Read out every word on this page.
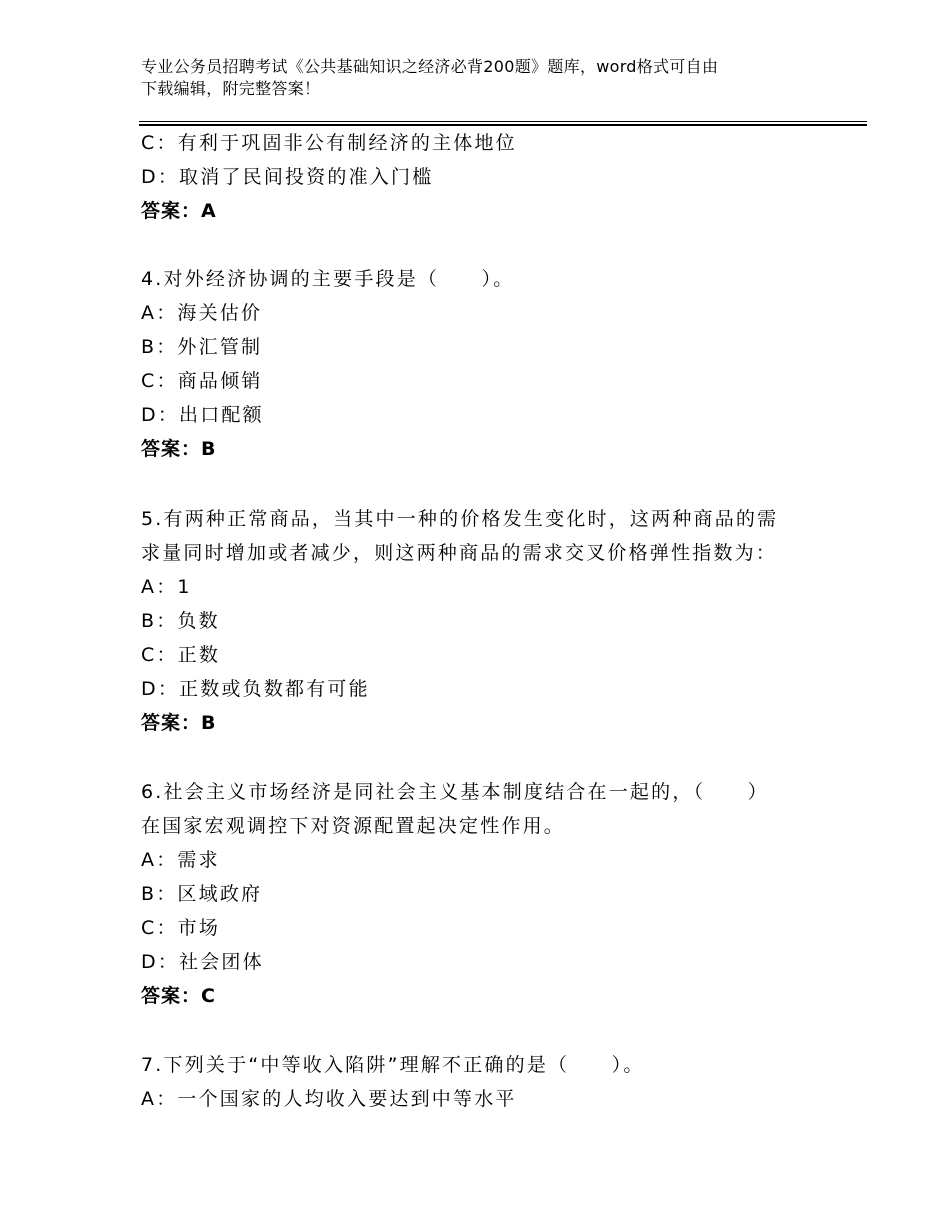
专业公务员招聘考试《公共基础知识之经济必背200题》题库，word格式可自由
下载编辑，附完整答案！
C：有利于巩固非公有制经济的主体地位
D：取消了民间投资的准入门槛
答案：A
4.对外经济协调的主要手段是（　　）。
A：海关估价
B：外汇管制
C：商品倾销
D：出口配额
答案：B
5.有两种正常商品，当其中一种的价格发生变化时，这两种商品的需
求量同时增加或者减少，则这两种商品的需求交叉价格弹性指数为：
A：1
B：负数
C：正数
D：正数或负数都有可能
答案：B
6.社会主义市场经济是同社会主义基本制度结合在一起的，（　　）
在国家宏观调控下对资源配置起决定性作用。
A：需求
B：区域政府
C：市场
D：社会团体
答案：C
7.下列关于“中等收入陷阱”理解不正确的是（　　）。
A：一个国家的人均收入要达到中等水平
